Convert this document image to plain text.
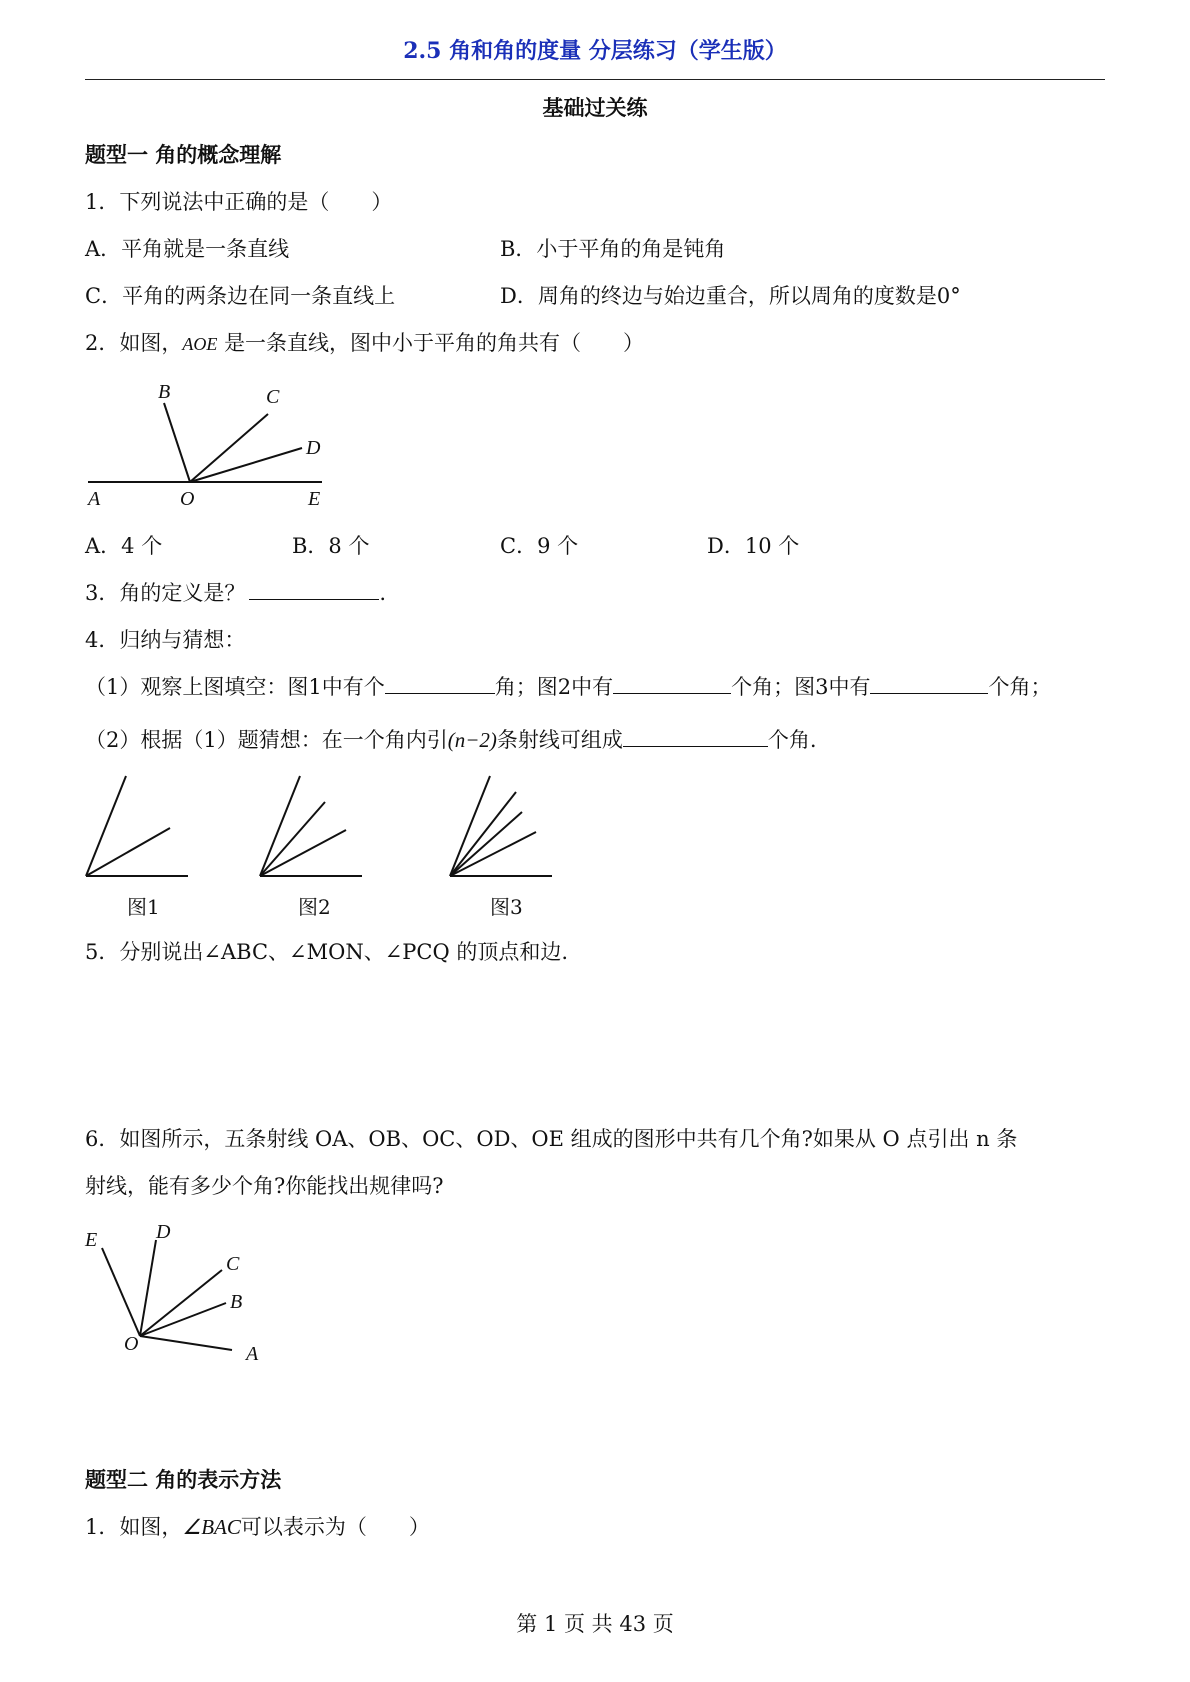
2.5 角和角的度量 分层练习（学生版）
基础过关练
题型一 角的概念理解
1．下列说法中正确的是（　　）
A．平角就是一条直线	B．小于平角的角是钝角
C．平角的两条边在同一条直线上	D．周角的终边与始边重合，所以周角的度数是0°
2．如图，AOE 是一条直线，图中小于平角的角共有（　　）
B	C
D
A	O	E
A．4 个	B．8 个	C．9 个	D．10 个
3．角的定义是？	.
4．归纳与猜想：
（1）观察上图填空：图1中有个	角；图2中有	个角；图3中有	个角；
（2）根据（1）题猜想：在一个角内引(n−2)条射线可组成	个角.
图1	图2	图3
5．分别说出∠ABC、∠MON、∠PCQ 的顶点和边.
6．如图所示，五条射线 OA、OB、OC、OD、OE 组成的图形中共有几个角?如果从 O 点引出 n 条
射线，能有多少个角?你能找出规律吗?
E	D
C
B
O	A
题型二 角的表示方法
1．如图，∠BAC可以表示为（　　）
第 1 页 共 43 页
